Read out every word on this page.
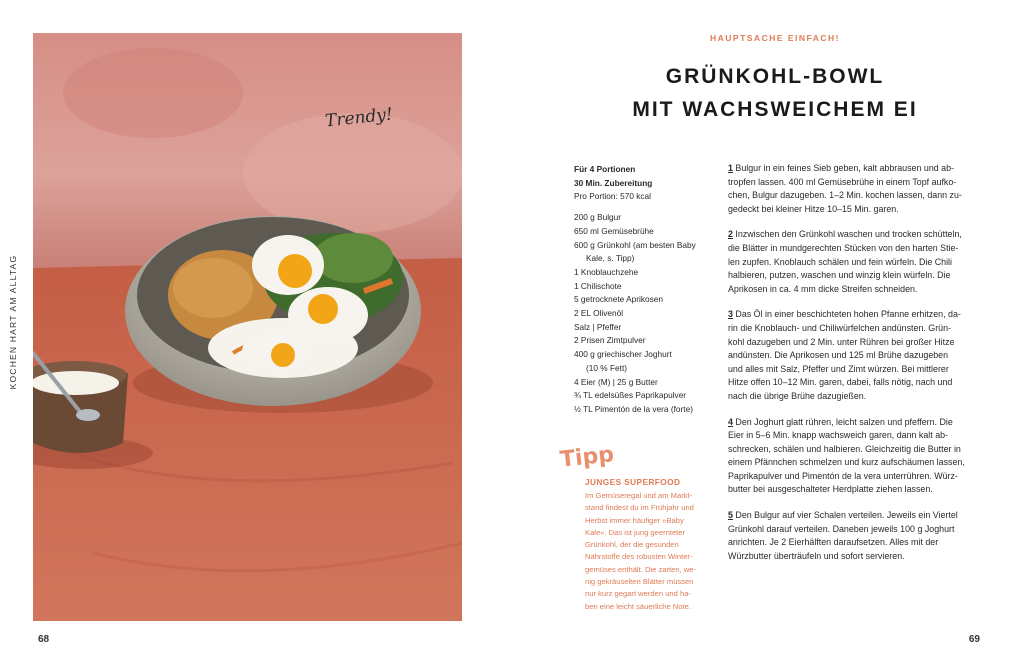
KOCHEN HART AM ALLTAG
Trendy!
68
HAUPTSACHE EINFACH!
GRÜNKOHL-BOWL
MIT WACHSWEICHEM EI
Für 4 Portionen
30 Min. Zubereitung
Pro Portion: 570 kcal
200 g Bulgur
650 ml Gemüsebrühe
600 g Grünkohl (am besten Baby
Kale, s. Tipp)
1 Knoblauchzehe
1 Chilischote
5 getrocknete Aprikosen
2 EL Olivenöl
Salz | Pfeffer
2 Prisen Zimtpulver
400 g griechischer Joghurt
(10 % Fett)
4 Eier (M) | 25 g Butter
¾ TL edelsüßes Paprikapulver
½ TL Pimentón de la vera (forte)
Tipp
JUNGES SUPERFOOD
Im Gemüseregal und am Markt-
stand findest du im Frühjahr und
Herbst immer häufiger »Baby
Kale«. Das ist jung geernteter
Grünkohl, der die gesunden
Nährstoffe des robusten Winter-
gemüses enthält. Die zarten, we-
nig gekräuselten Blätter müssen
nur kurz gegart werden und ha-
ben eine leicht säuerliche Note.

1 Bulgur in ein feines Sieb geben, kalt abbrausen und ab-
tropfen lassen. 400 ml Gemüsebrühe in einem Topf aufko-
chen, Bulgur dazugeben. 1–2 Min. kochen lassen, dann zu-
gedeckt bei kleiner Hitze 10–15 Min. garen.

2 Inzwischen den Grünkohl waschen und trocken schütteln,
die Blätter in mundgerechten Stücken von den harten Stie-
len zupfen. Knoblauch schälen und fein würfeln. Die Chili
halbieren, putzen, waschen und winzig klein würfeln. Die
Aprikosen in ca. 4 mm dicke Streifen schneiden.

3 Das Öl in einer beschichteten hohen Pfanne erhitzen, da-
rin die Knoblauch- und Chiliwürfelchen andünsten. Grün-
kohl dazugeben und 2 Min. unter Rühren bei großer Hitze
andünsten. Die Aprikosen und 125 ml Brühe dazugeben
und alles mit Salz, Pfeffer und Zimt würzen. Bei mittlerer
Hitze offen 10–12 Min. garen, dabei, falls nötig, nach und
nach die übrige Brühe dazugießen.

4 Den Joghurt glatt rühren, leicht salzen und pfeffern. Die
Eier in 5–6 Min. knapp wachsweich garen, dann kalt ab-
schrecken, schälen und halbieren. Gleichzeitig die Butter in
einem Pfännchen schmelzen und kurz aufschäumen lassen,
Paprikapulver und Pimentón de la vera unterrühren. Würz-
butter bei ausgeschalteter Herdplatte ziehen lassen.

5 Den Bulgur auf vier Schalen verteilen. Jeweils ein Viertel
Grünkohl darauf verteilen. Daneben jeweils 100 g Joghurt
anrichten. Je 2 Eierhälften daraufsetzen. Alles mit der
Würzbutter überträufeln und sofort servieren.

69
